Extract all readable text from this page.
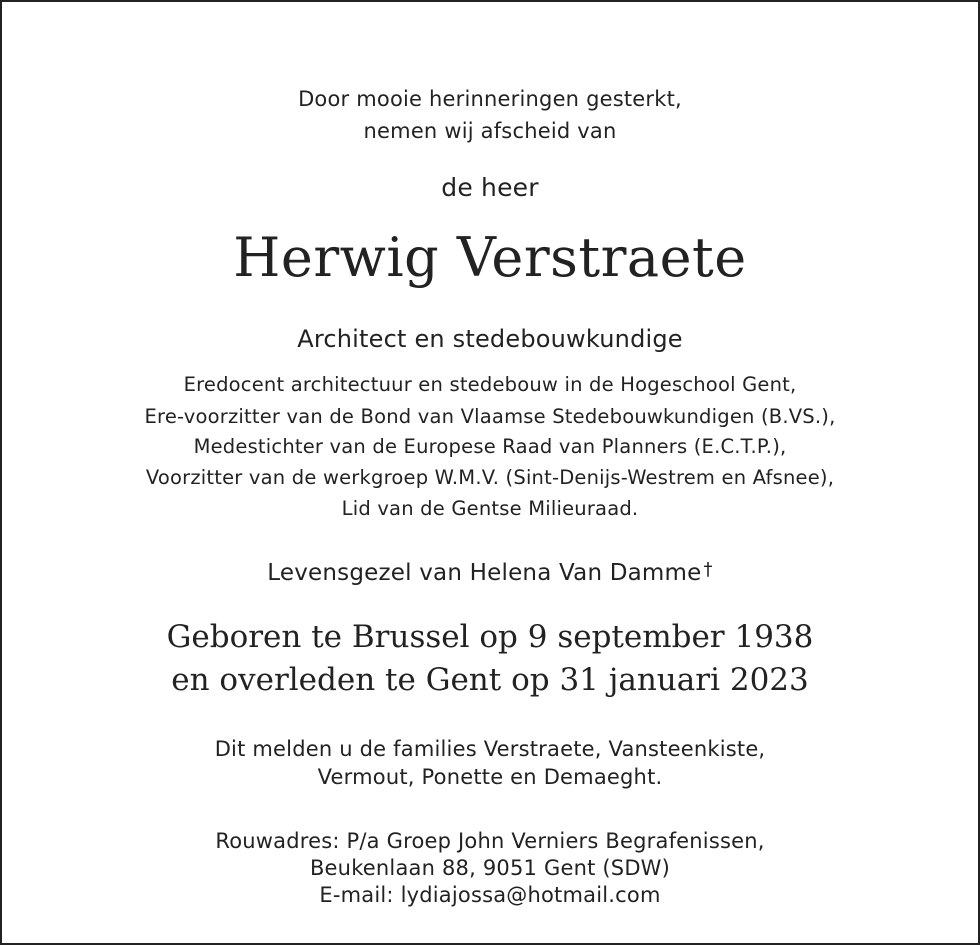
Door mooie herinneringen gesterkt,
nemen wij afscheid van
de heer
Herwig Verstraete
Architect en stedebouwkundige
Eredocent architectuur en stedebouw in de Hogeschool Gent,
Ere-voorzitter van de Bond van Vlaamse Stedebouwkundigen (B.VS.),
Medestichter van de Europese Raad van Planners (E.C.T.P.),
Voorzitter van de werkgroep W.M.V. (Sint-Denijs-Westrem en Afsnee),
Lid van de Gentse Milieuraad.
Levensgezel van Helena Van Damme †
Geboren te Brussel op 9 september 1938
en overleden te Gent op 31 januari 2023
Dit melden u de families Verstraete, Vansteenkiste,
Vermout, Ponette en Demaeght.
Rouwadres: P/a Groep John Verniers Begrafenissen,
Beukenlaan 88, 9051 Gent (SDW)
E-mail: lydiajossa@hotmail.com
